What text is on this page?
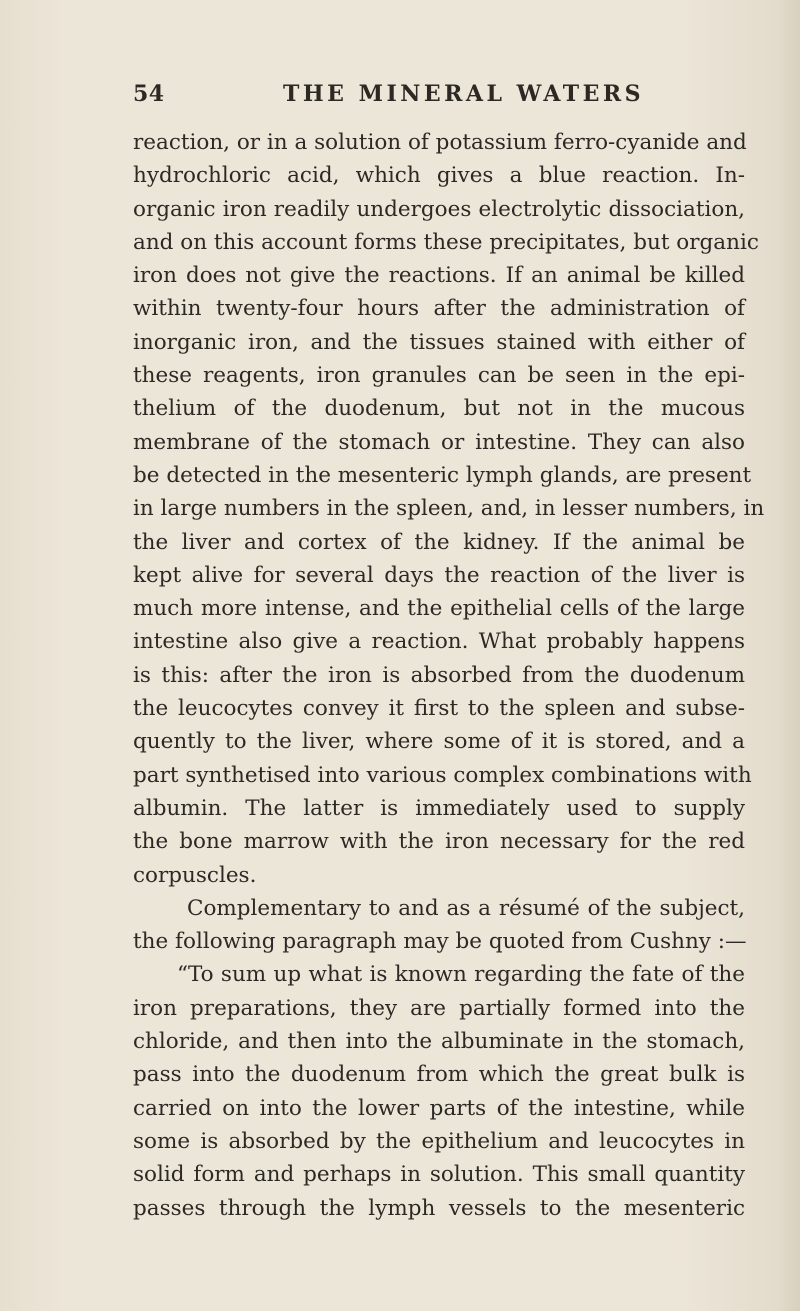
54	THE MINERAL WATERS
reaction, or in a solution of potassium ferro-cyanide and
hydrochloric acid, which gives a blue reaction. In-
organic iron readily undergoes electrolytic dissociation,
and on this account forms these precipitates, but organic
iron does not give the reactions. If an animal be killed
within twenty-four hours after the administration of
inorganic iron, and the tissues stained with either of
these reagents, iron granules can be seen in the epi-
thelium of the duodenum, but not in the mucous
membrane of the stomach or intestine. They can also
be detected in the mesenteric lymph glands, are present
in large numbers in the spleen, and, in lesser numbers, in
the liver and cortex of the kidney. If the animal be
kept alive for several days the reaction of the liver is
much more intense, and the epithelial cells of the large
intestine also give a reaction. What probably happens
is this: after the iron is absorbed from the duodenum
the leucocytes convey it first to the spleen and subse-
quently to the liver, where some of it is stored, and a
part synthetised into various complex combinations with
albumin. The latter is immediately used to supply
the bone marrow with the iron necessary for the red
corpuscles.
Complementary to and as a résumé of the subject,
the following paragraph may be quoted from Cushny :—
“To sum up what is known regarding the fate of the
iron preparations, they are partially formed into the
chloride, and then into the albuminate in the stomach,
pass into the duodenum from which the great bulk is
carried on into the lower parts of the intestine, while
some is absorbed by the epithelium and leucocytes in
solid form and perhaps in solution. This small quantity
passes through the lymph vessels to the mesenteric
